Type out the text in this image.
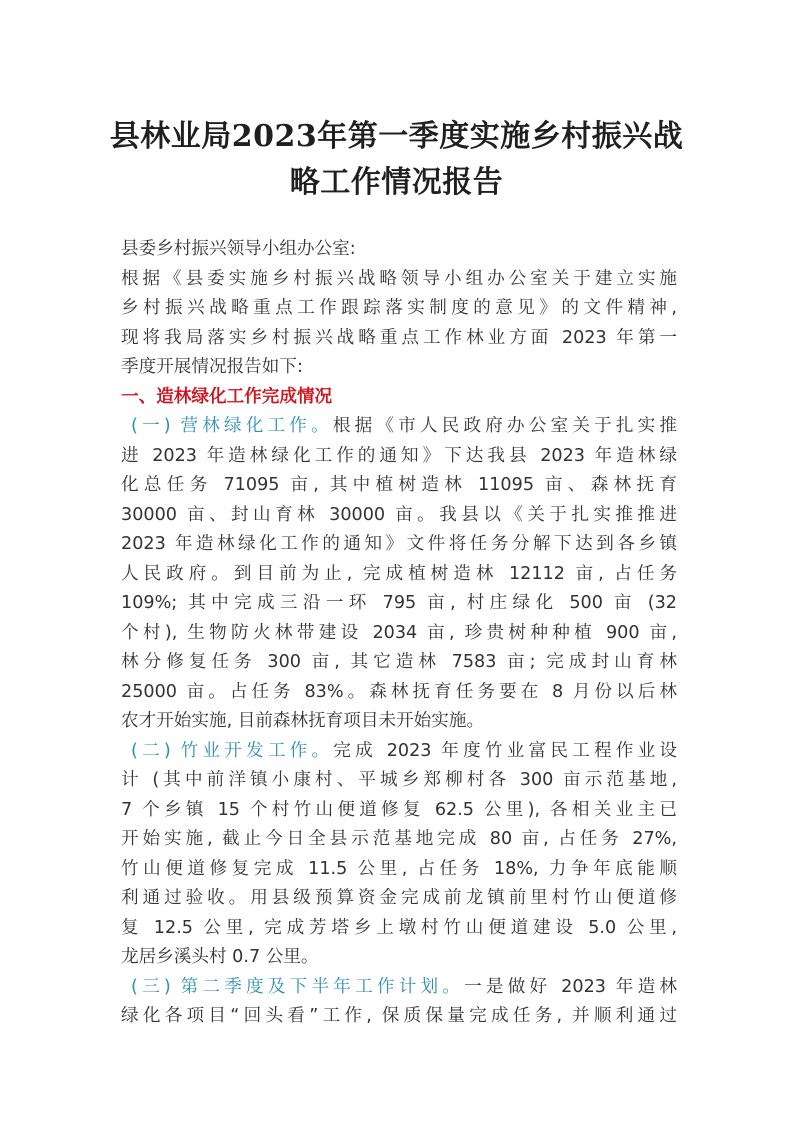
县林业局2023年第一季度实施乡村振兴战
略工作情况报告
县委乡村振兴领导小组办公室:
根据《县委实施乡村振兴战略领导小组办公室关于建立实施
乡村振兴战略重点工作跟踪落实制度的意见》的文件精神,
现将我局落实乡村振兴战略重点工作林业方面 2023 年第一
季度开展情况报告如下:
一、造林绿化工作完成情况
(一) 营林绿化工作。根据《市人民政府办公室关于扎实推
进 2023 年造林绿化工作的通知》下达我县 2023 年造林绿
化总任务 71095 亩, 其中植树造林 11095 亩、森林抚育
30000 亩、封山育林 30000 亩。我县以《关于扎实推推进
2023 年造林绿化工作的通知》文件将任务分解下达到各乡镇
人民政府。到目前为止, 完成植树造林 12112 亩, 占任务
109%; 其中完成三沿一环 795 亩, 村庄绿化 500 亩 (32
个村), 生物防火林带建设 2034 亩, 珍贵树种种植 900 亩,
林分修复任务 300 亩, 其它造林 7583 亩; 完成封山育林
25000 亩。占任务 83%。森林抚育任务要在 8 月份以后林
农才开始实施, 目前森林抚育项目未开始实施。
(二) 竹业开发工作。完成 2023 年度竹业富民工程作业设
计 (其中前洋镇小康村、平城乡郑柳村各 300 亩示范基地,
7 个乡镇 15 个村竹山便道修复 62.5 公里), 各相关业主已
开始实施, 截止今日全县示范基地完成 80 亩, 占任务 27%,
竹山便道修复完成 11.5 公里, 占任务 18%, 力争年底能顺
利通过验收。用县级预算资金完成前龙镇前里村竹山便道修
复 12.5 公里, 完成芳塔乡上墩村竹山便道建设 5.0 公里,
龙居乡溪头村 0.7 公里。
(三) 第二季度及下半年工作计划。一是做好 2023 年造林
绿化各项目“回头看”工作, 保质保量完成任务, 并顺利通过
